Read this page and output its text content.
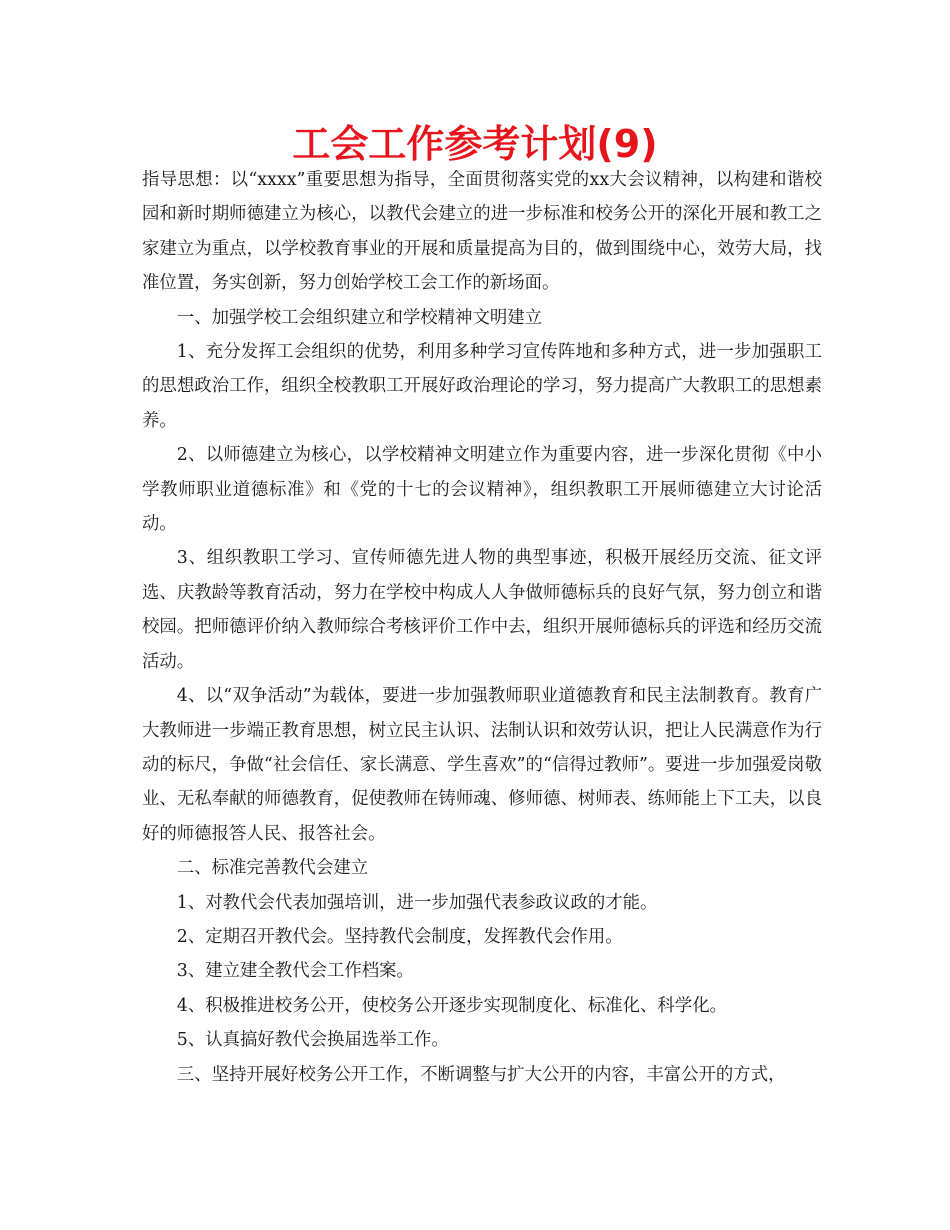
工会工作参考计划(9)

指导思想：以“xxxx”重要思想为指导，全面贯彻落实党的xx大会议精神，以构建和谐校园和新时期师德建立为核心，以教代会建立的进一步标准和校务公开的深化开展和教工之家建立为重点，以学校教育事业的开展和质量提高为目的，做到围绕中心，效劳大局，找准位置，务实创新，努力创始学校工会工作的新场面。

一、加强学校工会组织建立和学校精神文明建立

1、充分发挥工会组织的优势，利用多种学习宣传阵地和多种方式，进一步加强职工的思想政治工作，组织全校教职工开展好政治理论的学习，努力提高广大教职工的思想素养。

2、以师德建立为核心，以学校精神文明建立作为重要内容，进一步深化贯彻《中小学教师职业道德标准》和《党的十七的会议精神》，组织教职工开展师德建立大讨论活动。

3、组织教职工学习、宣传师德先进人物的典型事迹，积极开展经历交流、征文评选、庆教龄等教育活动，努力在学校中构成人人争做师德标兵的良好气氛，努力创立和谐校园。把师德评价纳入教师综合考核评价工作中去，组织开展师德标兵的评选和经历交流活动。

4、以“双争活动”为载体，要进一步加强教师职业道德教育和民主法制教育。教育广大教师进一步端正教育思想，树立民主认识、法制认识和效劳认识，把让人民满意作为行动的标尺，争做“社会信任、家长满意、学生喜欢”的“信得过教师”。要进一步加强爱岗敬业、无私奉献的师德教育，促使教师在铸师魂、修师德、树师表、练师能上下工夫，以良好的师德报答人民、报答社会。

二、标准完善教代会建立

1、对教代会代表加强培训，进一步加强代表参政议政的才能。

2、定期召开教代会。坚持教代会制度，发挥教代会作用。

3、建立建全教代会工作档案。

4、积极推进校务公开，使校务公开逐步实现制度化、标准化、科学化。

5、认真搞好教代会换届选举工作。

三、坚持开展好校务公开工作，不断调整与扩大公开的内容，丰富公开的方式，
